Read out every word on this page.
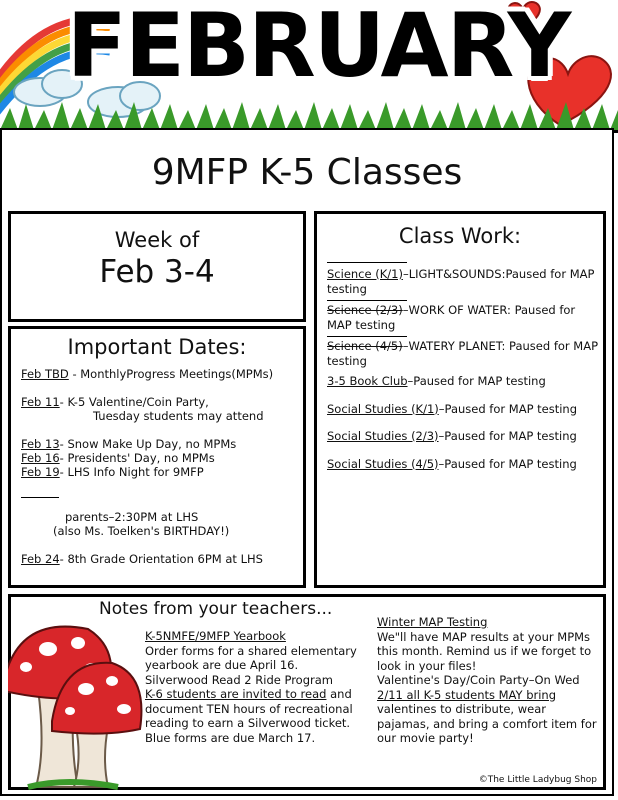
FEBRUARY
9MFP K-5 Classes
Week of
Feb 3-4
Important Dates:

Feb TBD - MonthlyProgress Meetings(MPMs)

Feb 11- K-5 Valentine/Coin Party,

Tuesday students may attend

Feb 13- Snow Make Up Day, no MPMs

Feb 16- Presidents' Day, no MPMs

Feb 19- LHS Info Night for 9MFP

parents–2:30PM at LHS

(also Ms. Toelken's BIRTHDAY!)

Feb 24- 8th Grade Orientation 6PM at LHS

Class Work:

Science (K/1)–LIGHT&SOUNDS:Paused for MAP testing

Science (2/3)–WORK OF WATER: Paused for MAP testing

Science (4/5)–WATERY PLANET: Paused for MAP testing

3-5 Book Club–Paused for MAP testing

Social Studies (K/1)–Paused for MAP testing

Social Studies (2/3)–Paused for MAP testing

Social Studies (4/5)–Paused for MAP testing

Notes from your teachers...

K-5NMFE/9MFP Yearbook

Order forms for a shared elementary yearbook are due April 16.

Silverwood Read 2 Ride Program

K-6 students are invited to read and document TEN hours of recreational reading to earn a Silverwood ticket. Blue forms are due March 17.

Winter MAP Testing

We"ll have MAP results at your MPMs this month. Remind us if we forget to look in your files!

Valentine's Day/Coin Party–On Wed

2/11 all K-5 students MAY bring

valentines to distribute, wear pajamas, and bring a comfort item for our movie party!

©The Little Ladybug Shop
